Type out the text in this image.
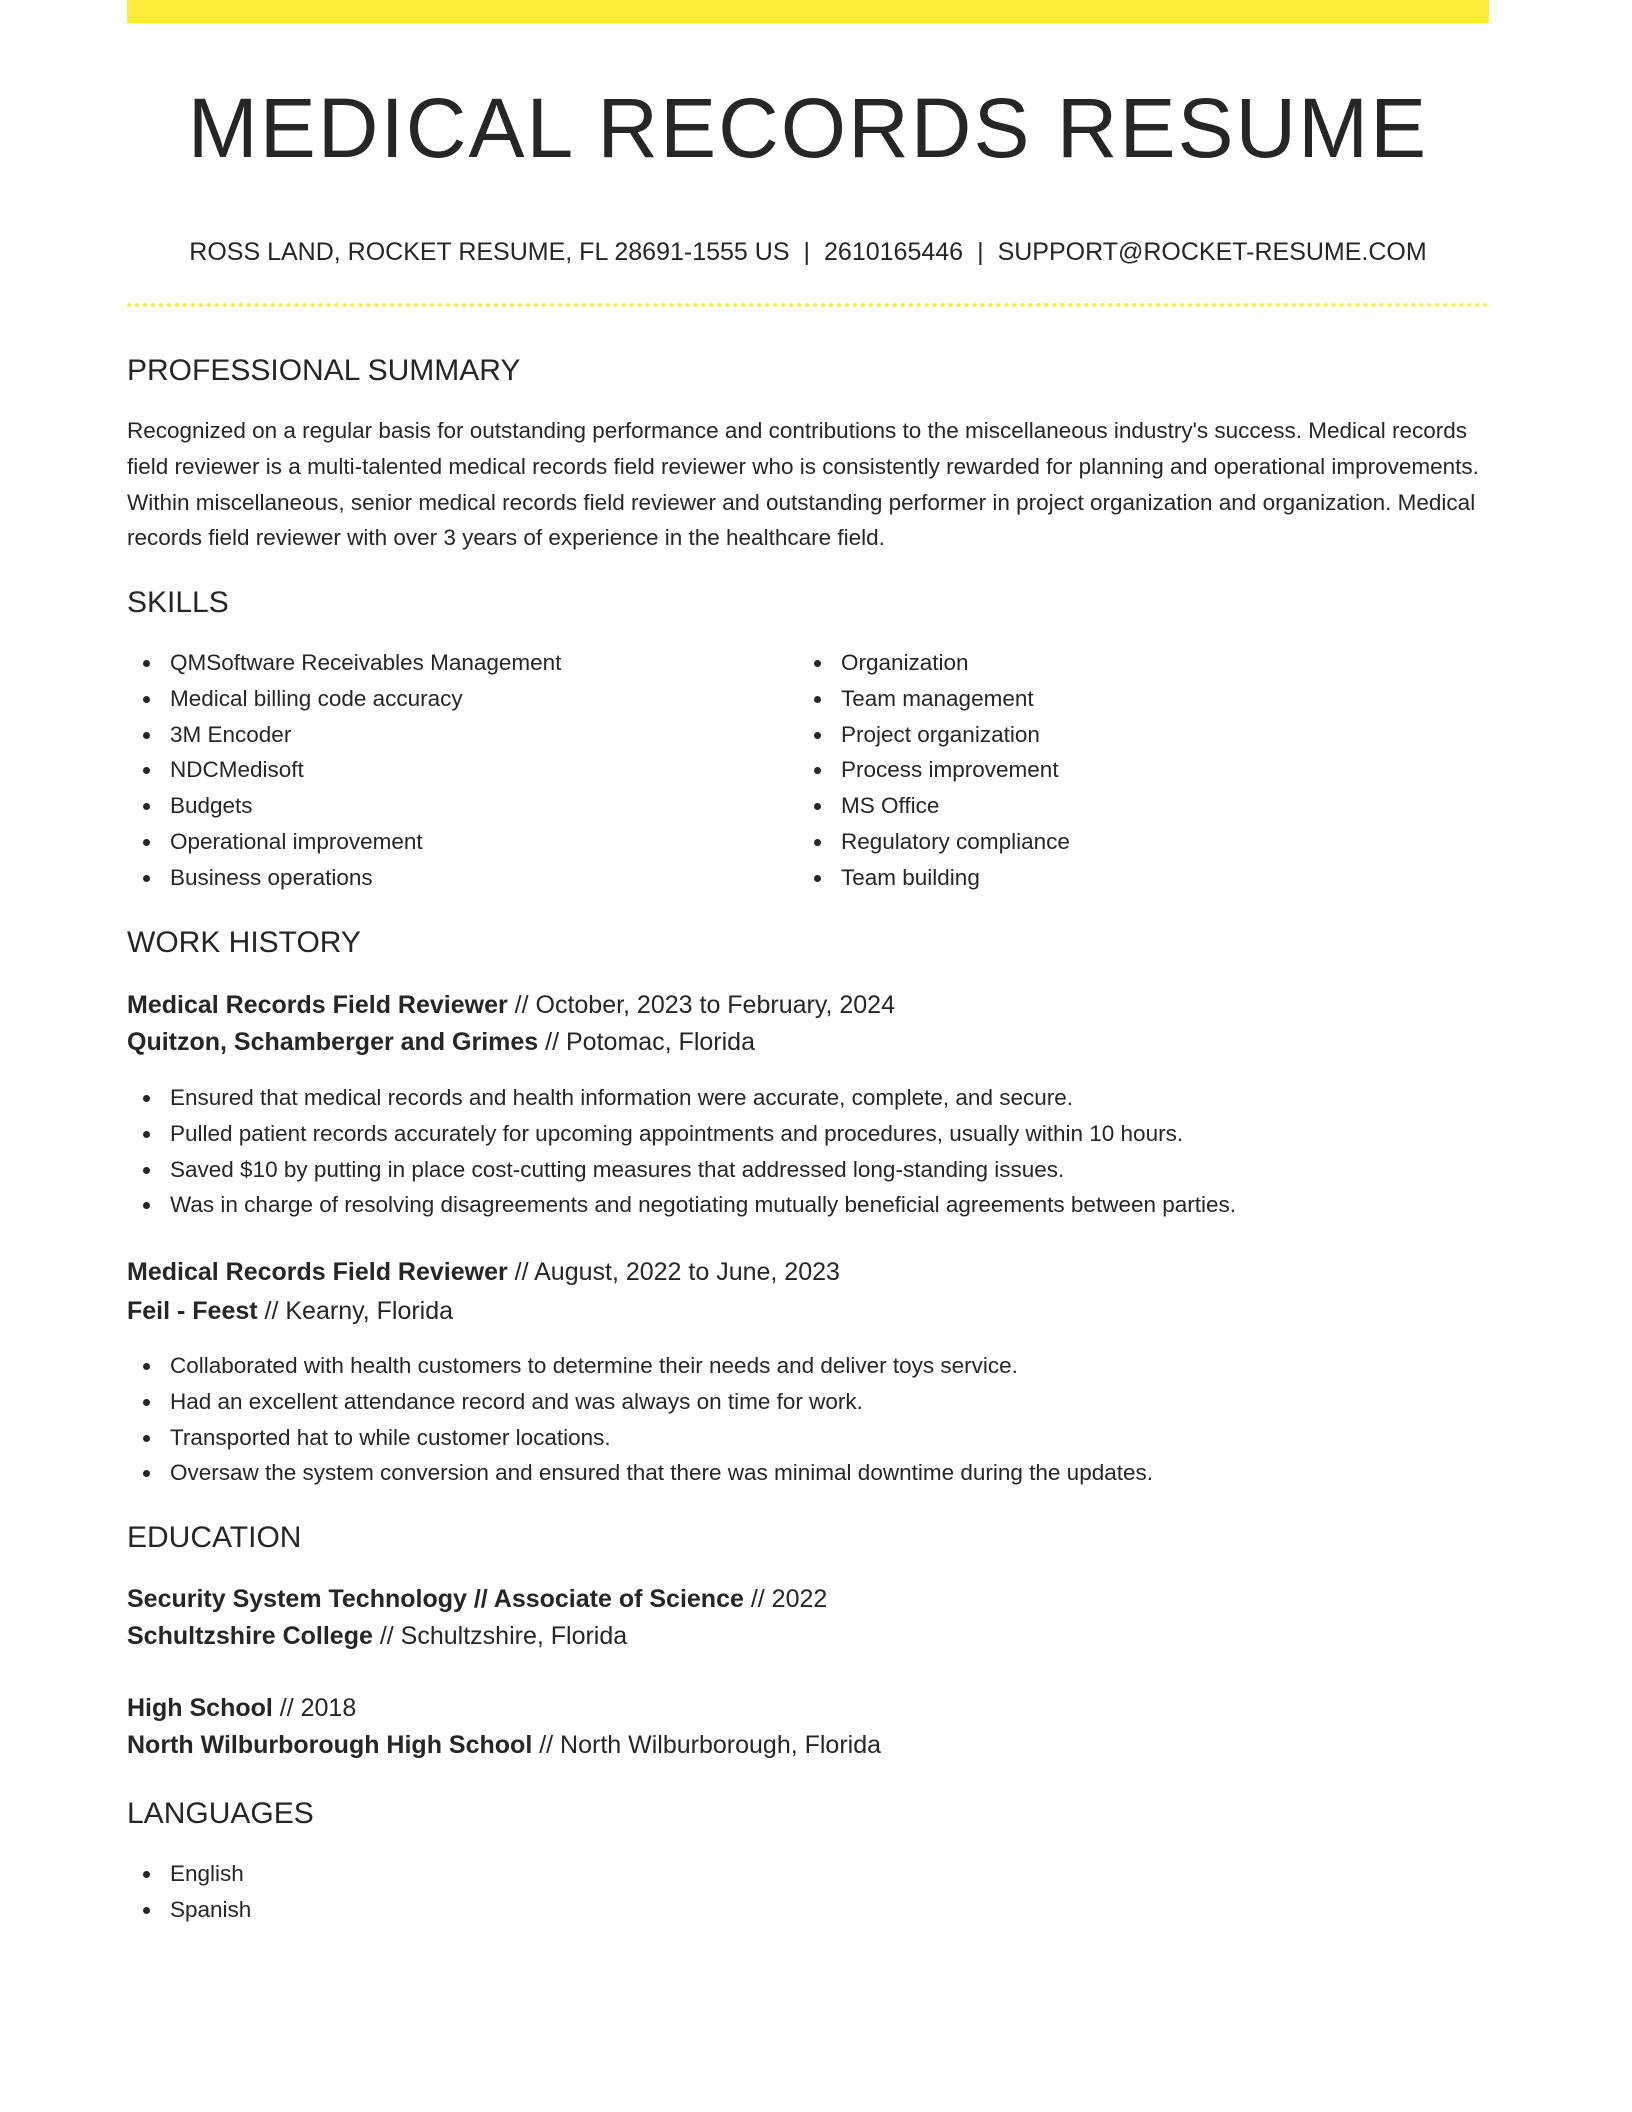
MEDICAL RECORDS RESUME
ROSS LAND, ROCKET RESUME, FL 28691-1555 US | 2610165446 | SUPPORT@ROCKET-RESUME.COM
PROFESSIONAL SUMMARY
Recognized on a regular basis for outstanding performance and contributions to the miscellaneous industry's success. Medical records field reviewer is a multi-talented medical records field reviewer who is consistently rewarded for planning and operational improvements. Within miscellaneous, senior medical records field reviewer and outstanding performer in project organization and organization. Medical records field reviewer with over 3 years of experience in the healthcare field.
SKILLS
QMSoftware Receivables Management
Medical billing code accuracy
3M Encoder
NDCMedisoft
Budgets
Operational improvement
Business operations
Organization
Team management
Project organization
Process improvement
MS Office
Regulatory compliance
Team building
WORK HISTORY
Medical Records Field Reviewer // October, 2023 to February, 2024
Quitzon, Schamberger and Grimes // Potomac, Florida
Ensured that medical records and health information were accurate, complete, and secure.
Pulled patient records accurately for upcoming appointments and procedures, usually within 10 hours.
Saved $10 by putting in place cost-cutting measures that addressed long-standing issues.
Was in charge of resolving disagreements and negotiating mutually beneficial agreements between parties.
Medical Records Field Reviewer // August, 2022 to June, 2023
Feil - Feest // Kearny, Florida
Collaborated with health customers to determine their needs and deliver toys service.
Had an excellent attendance record and was always on time for work.
Transported hat to while customer locations.
Oversaw the system conversion and ensured that there was minimal downtime during the updates.
EDUCATION
Security System Technology // Associate of Science // 2022
Schultzshire College // Schultzshire, Florida
High School // 2018
North Wilburborough High School // North Wilburborough, Florida
LANGUAGES
English
Spanish
